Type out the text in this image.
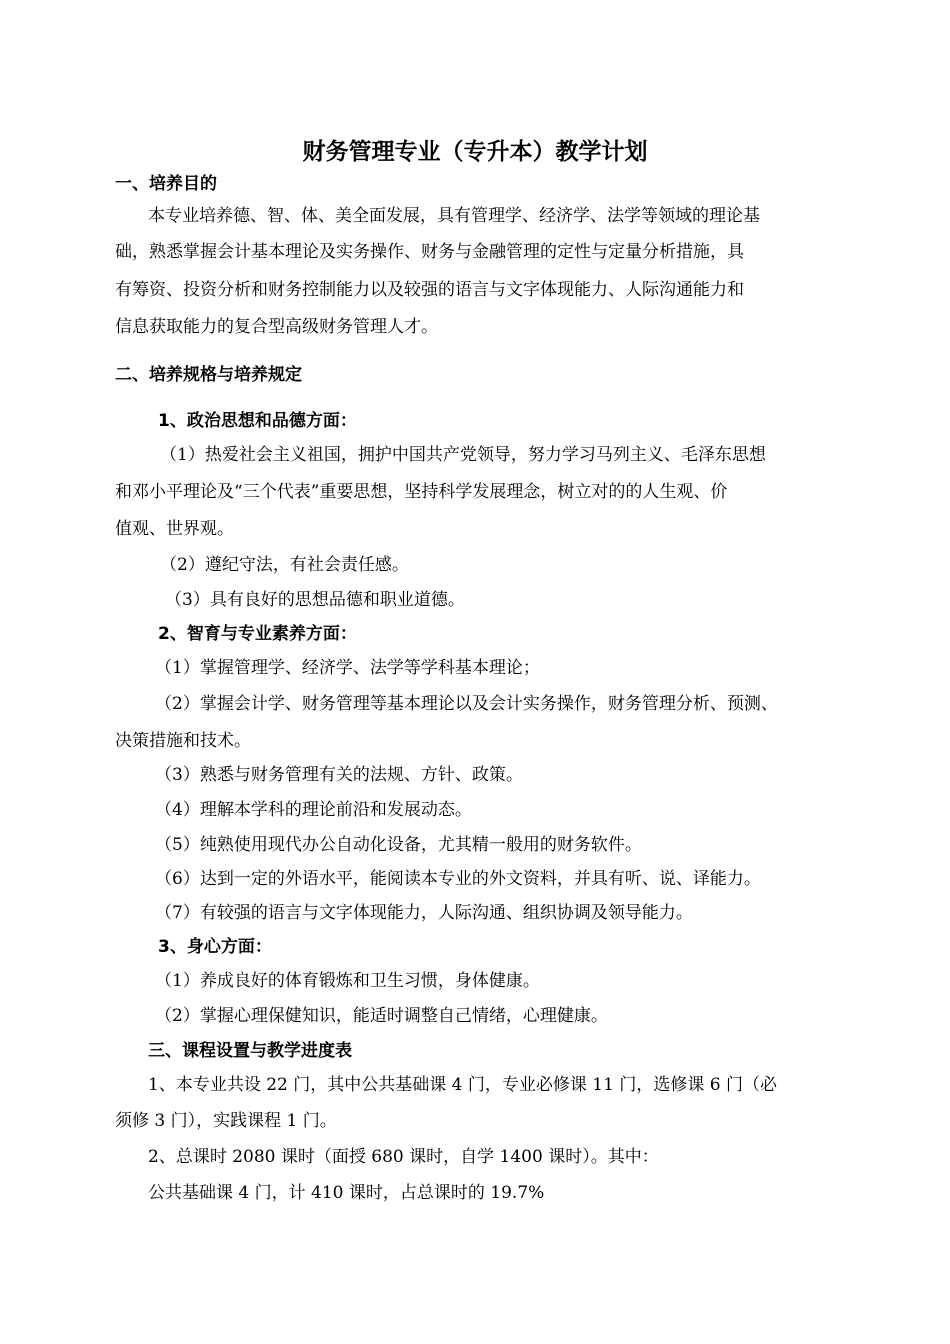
财务管理专业（专升本）教学计划
一、培养目的
本专业培养德、智、体、美全面发展，具有管理学、经济学、法学等领域的理论基
础，熟悉掌握会计基本理论及实务操作、财务与金融管理的定性与定量分析措施，具
有筹资、投资分析和财务控制能力以及较强的语言与文字体现能力、人际沟通能力和
信息获取能力的复合型高级财务管理人才。
二、培养规格与培养规定
1、政治思想和品德方面：
（1）热爱社会主义祖国，拥护中国共产党领导，努力学习马列主义、毛泽东思想
和邓小平理论及“三个代表”重要思想，坚持科学发展理念，树立对的的人生观、价
值观、世界观。
（2）遵纪守法，有社会责任感。
（3）具有良好的思想品德和职业道德。
2、智育与专业素养方面：
（1）掌握管理学、经济学、法学等学科基本理论；
（2）掌握会计学、财务管理等基本理论以及会计实务操作，财务管理分析、预测、
决策措施和技术。
（3）熟悉与财务管理有关的法规、方针、政策。
（4）理解本学科的理论前沿和发展动态。
（5）纯熟使用现代办公自动化设备，尤其精一般用的财务软件。
（6）达到一定的外语水平，能阅读本专业的外文资料，并具有听、说、译能力。
（7）有较强的语言与文字体现能力，人际沟通、组织协调及领导能力。
3、身心方面：
（1）养成良好的体育锻炼和卫生习惯，身体健康。
（2）掌握心理保健知识，能适时调整自己情绪，心理健康。
三、课程设置与教学进度表
1、本专业共设 22 门，其中公共基础课 4 门，专业必修课 11 门，选修课 6 门（必
须修 3 门），实践课程 1 门。
2、总课时 2080 课时（面授 680 课时，自学 1400 课时）。其中：
公共基础课 4 门，计 410 课时，占总课时的 19.7%
